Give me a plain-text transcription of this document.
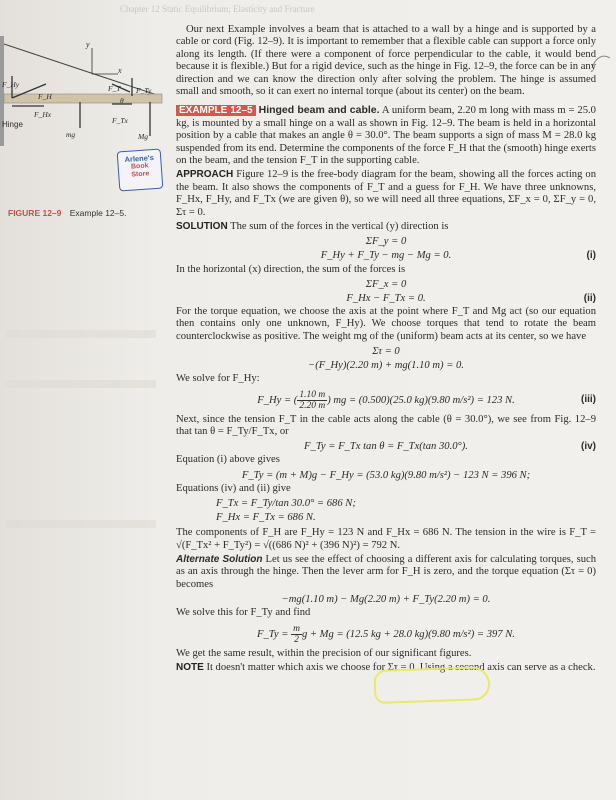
Chapter 12 Static Equilibrium; Elasticity and Fracture
y
x
F_Hy
F_H
F_T
θ
F_Ty
F_Hx
F_Tx
Hinge
mg	Mg
Arlene's
Book
Store
FIGURE 12–9 Example 12–5.

Our next Example involves a beam that is attached to a wall by a hinge and is supported by a cable or cord (Fig. 12–9). It is important to remember that a flexible cable can support a force only along its length. (If there were a component of force perpendicular to the cable, it would bend because it is flexible.) But for a rigid device, such as the hinge in Fig. 12–9, the force can be in any direction and we can know the direction only after solving the problem. The hinge is assumed small and smooth, so it can exert no internal torque (about its center) on the beam.

EXAMPLE 12–5 Hinged beam and cable. A uniform beam, 2.20 m long with mass m = 25.0 kg, is mounted by a small hinge on a wall as shown in Fig. 12–9. The beam is held in a horizontal position by a cable that makes an angle θ = 30.0°. The beam supports a sign of mass M = 28.0 kg suspended from its end. Determine the components of the force F_H that the (smooth) hinge exerts on the beam, and the tension F_T in the supporting cable.

APPROACH Figure 12–9 is the free-body diagram for the beam, showing all the forces acting on the beam. It also shows the components of F_T and a guess for F_H. We have three unknowns, F_Hx, F_Hy, and F_Tx (we are given θ), so we will need all three equations, ΣF_x = 0, ΣF_y = 0, Στ = 0.

SOLUTION The sum of the forces in the vertical (y) direction is

ΣF_y = 0
F_Hy + F_Ty − mg − Mg = 0.	(i)

In the horizontal (x) direction, the sum of the forces is

ΣF_x = 0
F_Hx − F_Tx = 0.	(ii)

For the torque equation, we choose the axis at the point where F_T and Mg act (so our equation then contains only one unknown, F_Hy). We choose torques that tend to rotate the beam counterclockwise as positive. The weight mg of the (uniform) beam acts at its center, so we have

Στ = 0
−(F_Hy)(2.20 m) + mg(1.10 m) = 0.

We solve for F_Hy:

F_Hy = ( $\frac{1.10 m}{2.20 m}$ ) mg = (0.500)(25.0 kg)(9.80 m/s²) = 123 N.	(iii)

Next, since the tension F_T in the cable acts along the cable (θ = 30.0°), we see from Fig. 12–9 that tan θ = F_Ty/F_Tx, or

F_Ty = F_Tx tan θ = F_Tx(tan 30.0°).	(iv)

Equation (i) above gives

F_Ty = (m + M)g − F_Hy = (53.0 kg)(9.80 m/s²) − 123 N = 396 N;

Equations (iv) and (ii) give

F_Tx = F_Ty/tan 30.0° = 686 N;
F_Hx = F_Tx = 686 N.

The components of F_H are F_Hy = 123 N and F_Hx = 686 N. The tension in the wire is F_T = √(F_Tx² + F_Ty²) = √((686 N)² + (396 N)²) = 792 N.

Alternate Solution Let us see the effect of choosing a different axis for calculating torques, such as an axis through the hinge. Then the lever arm for F_H is zero, and the torque equation (Στ = 0) becomes

−mg(1.10 m) − Mg(2.20 m) + F_Ty(2.20 m) = 0.

We solve this for F_Ty and find

F_Ty = $\frac{m}{2}$ g + Mg = (12.5 kg + 28.0 kg)(9.80 m/s²) = 397 N.

We get the same result, within the precision of our significant figures.

NOTE It doesn't matter which axis we choose for Στ = 0. Using a second axis can serve as a check.
